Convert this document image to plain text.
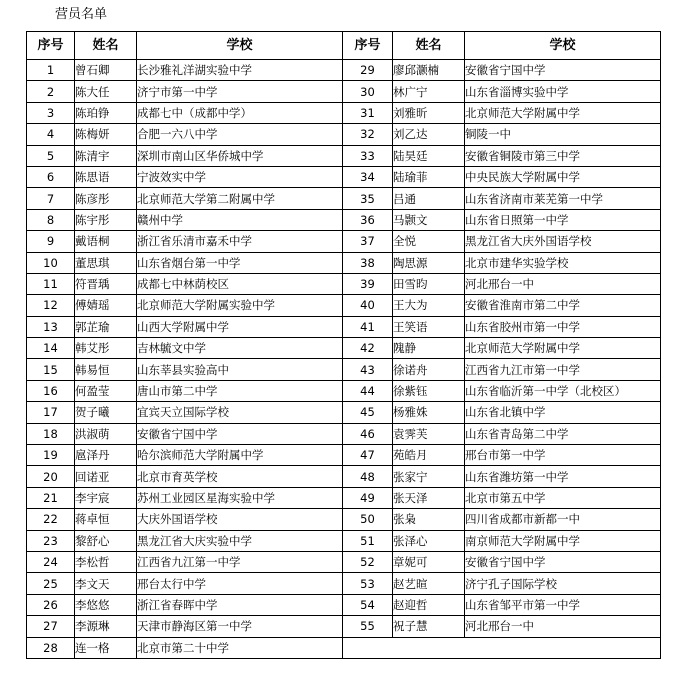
营员名单
序号	姓名	学校	序号	姓名	学校
1	曾石卿	长沙雅礼洋湖实验中学	29	廖邱灏楠	安徽省宁国中学
2	陈大任	济宁市第一中学	30	林广宁	山东省淄博实验中学
3	陈珀铮	成都七中（成都中学）	31	刘雅昕	北京师范大学附属中学
4	陈梅妍	合肥一六八中学	32	刘乙达	铜陵一中
5	陈清宇	深圳市南山区华侨城中学	33	陆昊廷	安徽省铜陵市第三中学
6	陈思语	宁波效实中学	34	陆瑜菲	中央民族大学附属中学
7	陈彦彤	北京师范大学第二附属中学	35	吕通	山东省济南市莱芜第一中学
8	陈宇彤	赣州中学	36	马颢文	山东省日照第一中学
9	戴语桐	浙江省乐清市嘉禾中学	37	全悦	黑龙江省大庆外国语学校
10	董思琪	山东省烟台第一中学	38	陶思源	北京市建华实验学校
11	符晋瑀	成都七中林荫校区	39	田雪昀	河北邢台一中
12	傅婧瑶	北京师范大学附属实验中学	40	王大为	安徽省淮南市第二中学
13	郭芷瑜	山西大学附属中学	41	王笑语	山东省胶州市第一中学
14	韩艾彤	吉林毓文中学	42	隗静	北京师范大学附属中学
15	韩易恒	山东莘县实验高中	43	徐诺舟	江西省九江市第一中学
16	何盈莹	唐山市第二中学	44	徐紫钰	山东省临沂第一中学（北校区）
17	贺子曦	宜宾天立国际学校	45	杨雅姝	山东省北镇中学
18	洪淑萌	安徽省宁国中学	46	袁霁芙	山东省青岛第二中学
19	扈泽丹	哈尔滨师范大学附属中学	47	苑皓月	邢台市第一中学
20	回诺亚	北京市育英学校	48	张家宁	山东省潍坊第一中学
21	李宇宸	苏州工业园区星海实验中学	49	张天泽	北京市第五中学
22	蒋卓恒	大庆外国语学校	50	张枭	四川省成都市新都一中
23	黎舒心	黑龙江省大庆实验中学	51	张泽心	南京师范大学附属中学
24	李松哲	江西省九江第一中学	52	章妮可	安徽省宁国中学
25	李文天	邢台太行中学	53	赵艺暄	济宁孔子国际学校
26	李悠悠	浙江省春晖中学	54	赵迎哲	山东省邹平市第一中学
27	李源琳	天津市静海区第一中学	55	祝子慧	河北邢台一中
28	连一格	北京市第二十中学			
